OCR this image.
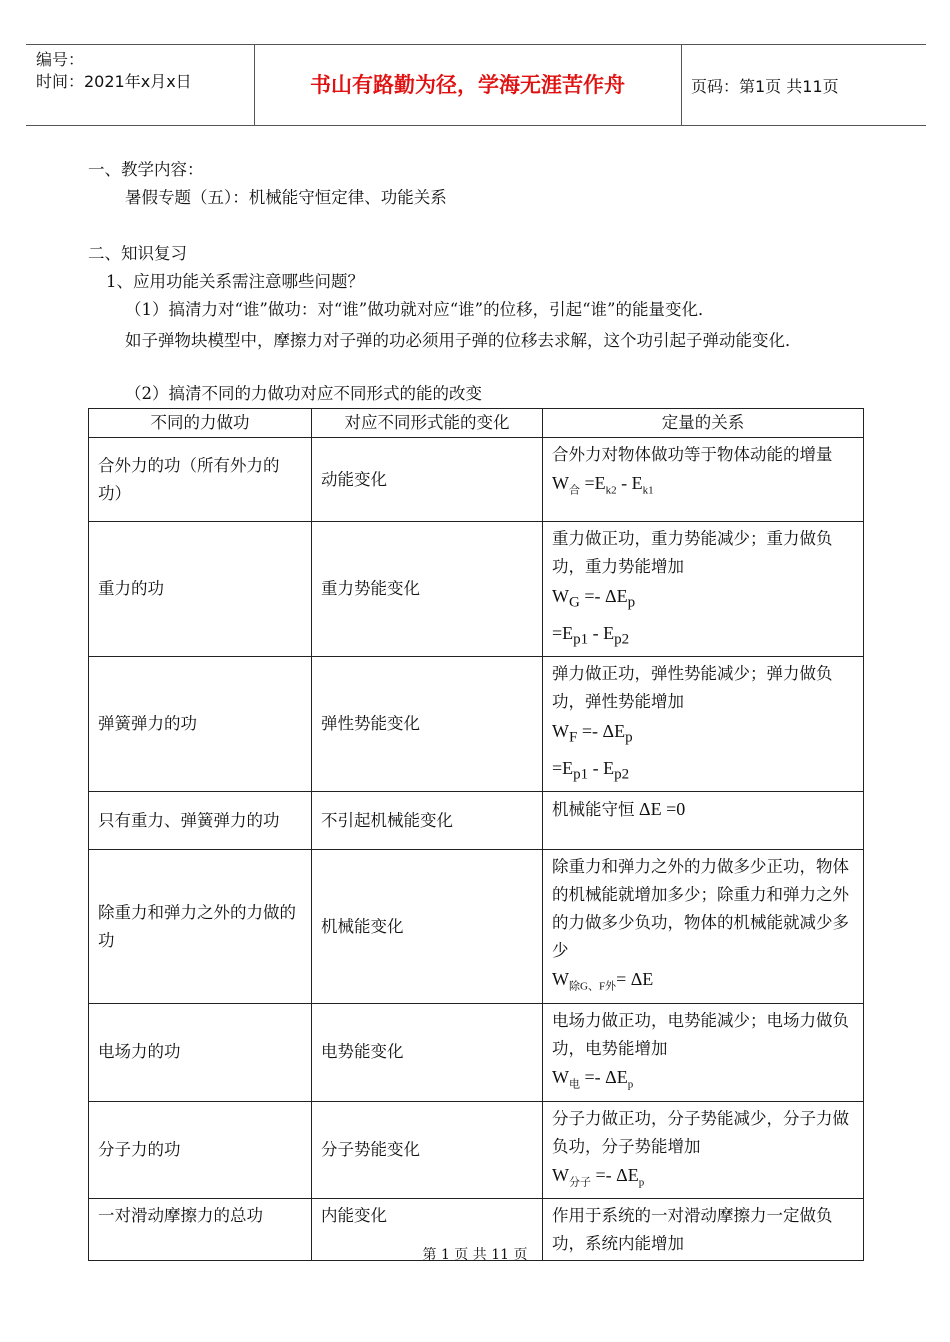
编号：
时间：2021年x月x日	书山有路勤为径，学海无涯苦作舟	页码：第1页 共11页
一、教学内容：
暑假专题（五）：机械能守恒定律、功能关系
二、知识复习
1、应用功能关系需注意哪些问题？
（1）搞清力对“谁”做功：对“谁”做功就对应“谁”的位移，引起“谁”的能量变化．
如子弹物块模型中，摩擦力对子弹的功必须用子弹的位移去求解，这个功引起子弹动能变化．
（2）搞清不同的力做功对应不同形式的能的改变
不同的力做功	对应不同形式能的变化	定量的关系
合外力的功（所有外力的功）	动能变化	合外力对物体做功等于物体动能的增量
$W_合 =E_{k2} - E_{k1}$

重力的功	重力势能变化	重力做正功，重力势能减少；重力做负功，重力势能增加
$W_G =- \Delta E_p$
$=E_{p1} - E_{p2}$

弹簧弹力的功	弹性势能变化	弹力做正功，弹性势能减少；弹力做负功，弹性势能增加
$W_F =- \Delta E_p$
$=E_{p1} - E_{p2}$

只有重力、弹簧弹力的功	不引起机械能变化	机械能守恒 ΔE =0
除重力和弹力之外的力做的功	机械能变化	除重力和弹力之外的力做多少正功，物体的机械能就增加多少；除重力和弹力之外的力做多少负功，物体的机械能就减少多少
$W_{除G、F外}= \Delta E$

电场力的功	电势能变化	电场力做正功，电势能减少；电场力做负功，电势能增加
$W_电 =- \Delta E_p$

分子力的功	分子势能变化	分子力做正功，分子势能减少，分子力做负功，分子势能增加
$W_{分子} =- \Delta E_p$

一对滑动摩擦力的总功	内能变化	作用于系统的一对滑动摩擦力一定做负功，系统内能增加
第 1 页 共 11 页
